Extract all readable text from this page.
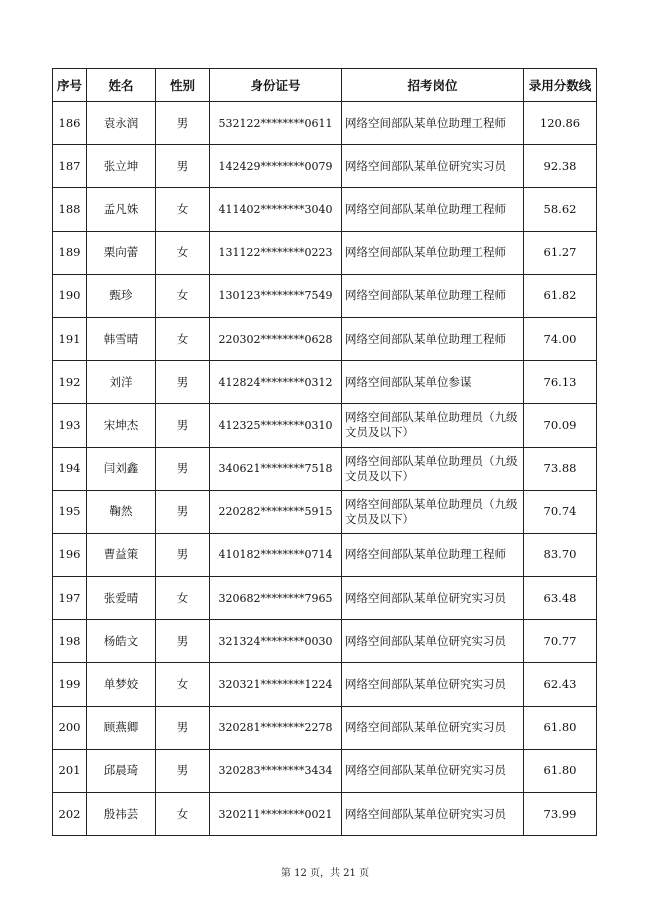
序号	姓名	性别	身份证号	招考岗位	录用分数线
186	袁永润	男	532122********0611	网络空间部队某单位助理工程师	120.86
187	张立坤	男	142429********0079	网络空间部队某单位研究实习员	92.38
188	孟凡姝	女	411402********3040	网络空间部队某单位助理工程师	58.62
189	栗向蕾	女	131122********0223	网络空间部队某单位助理工程师	61.27
190	甄珍	女	130123********7549	网络空间部队某单位助理工程师	61.82
191	韩雪晴	女	220302********0628	网络空间部队某单位助理工程师	74.00
192	刘洋	男	412824********0312	网络空间部队某单位参谋	76.13
193	宋坤杰	男	412325********0310	网络空间部队某单位助理员（九级文员及以下）	70.09
194	闫刘鑫	男	340621********7518	网络空间部队某单位助理员（九级文员及以下）	73.88
195	鞠然	男	220282********5915	网络空间部队某单位助理员（九级文员及以下）	70.74
196	曹益策	男	410182********0714	网络空间部队某单位助理工程师	83.70
197	张爱晴	女	320682********7965	网络空间部队某单位研究实习员	63.48
198	杨皓文	男	321324********0030	网络空间部队某单位研究实习员	70.77
199	单梦姣	女	320321********1224	网络空间部队某单位研究实习员	62.43
200	顾燕卿	男	320281********2278	网络空间部队某单位研究实习员	61.80
201	邱晨琦	男	320283********3434	网络空间部队某单位研究实习员	61.80
202	殷祎芸	女	320211********0021	网络空间部队某单位研究实习员	73.99
第 12 页，共 21 页
